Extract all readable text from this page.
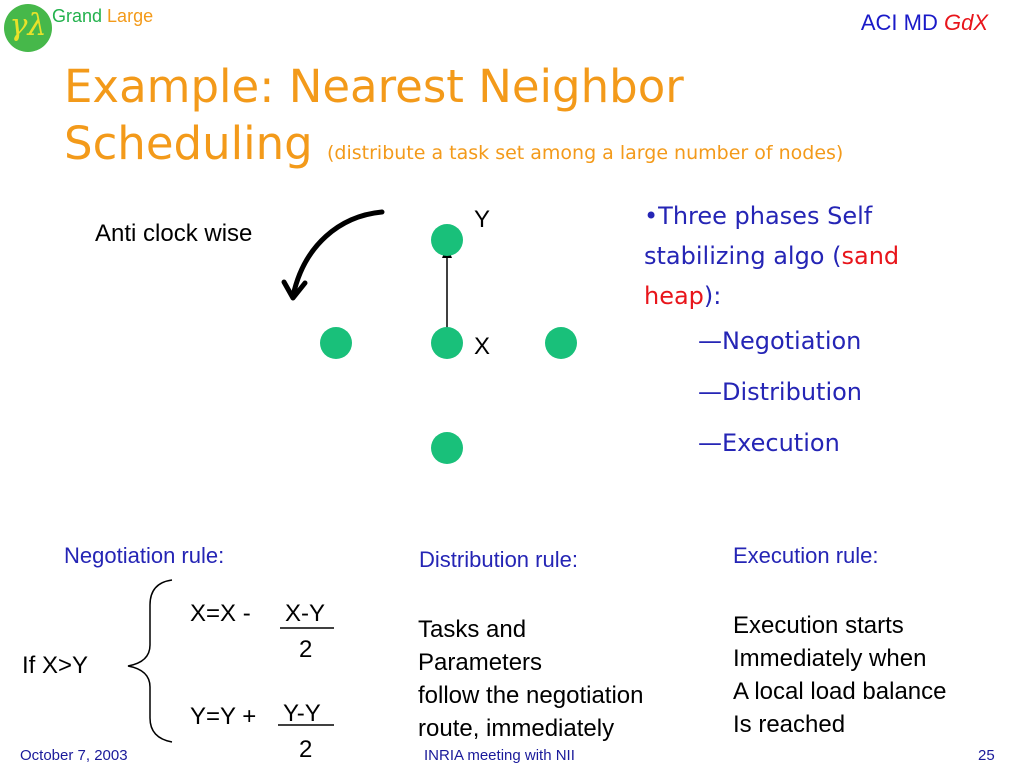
γλ Grand Large	ACI MD GdX
Example: Nearest Neighbor
Scheduling (distribute a task set among a large number of nodes)
Anti clock wise
Y
X
•Three phases Self stabilizing algo (sand heap):
—Negotiation
—Distribution
—Execution
Negotiation rule:
If X>Y
X=X - X-Y
2
Y=Y + Y-Y
2
Distribution rule:
Tasks and
Parameters
follow the negotiation
route, immediately
Execution rule:
Execution starts
Immediately when
A local load balance
Is reached
October 7, 2003	INRIA meeting with NII	25
